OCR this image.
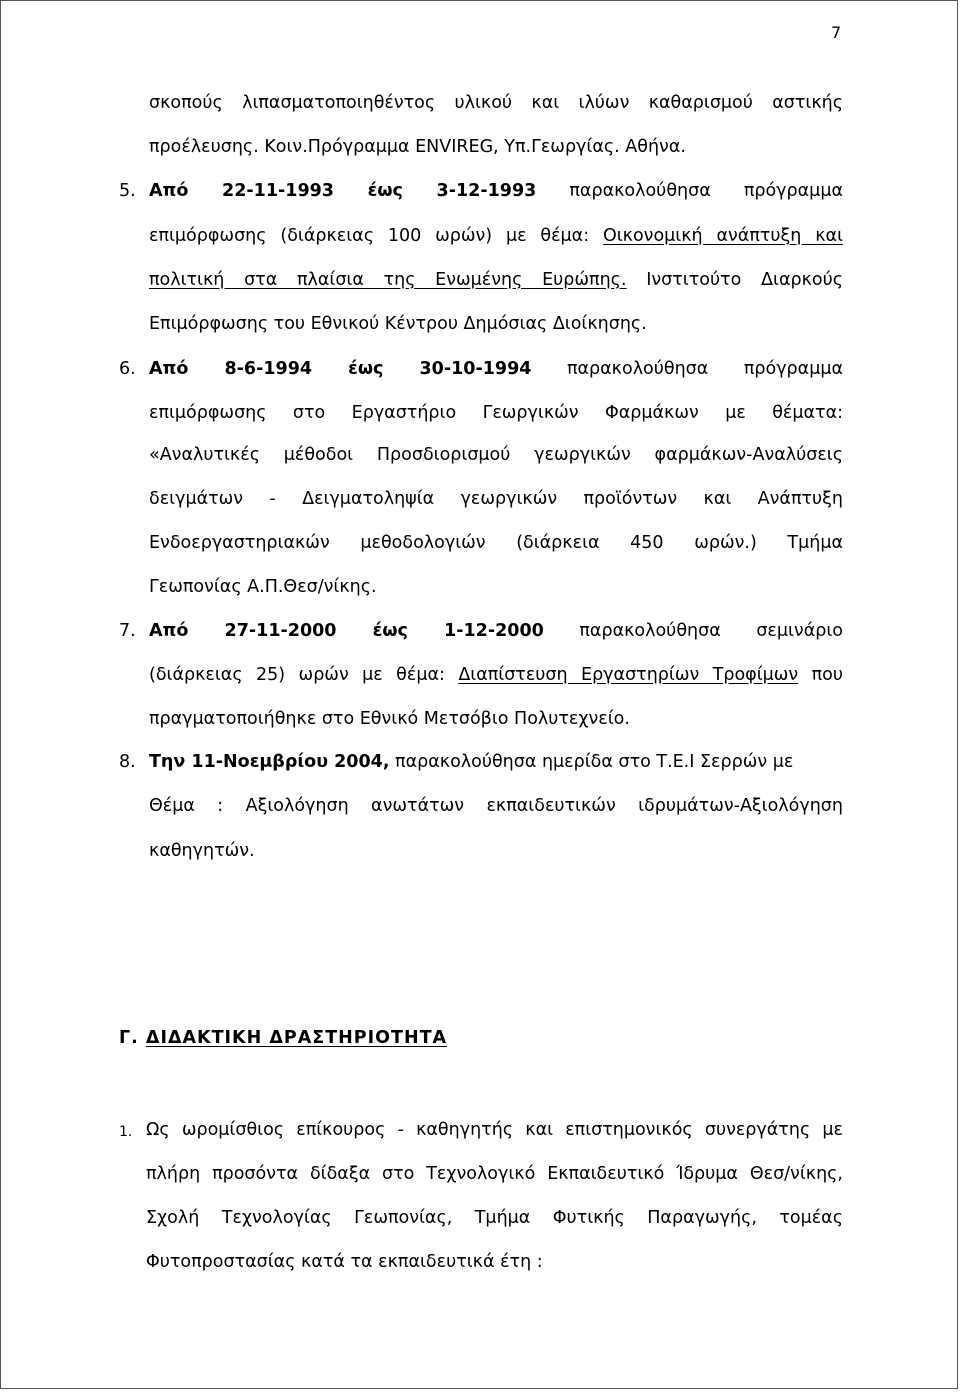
7
σκοπούς λιπασματοποιηθέντος υλικού και ιλύων καθαρισμού αστικής
προέλευσης. Κοιν.Πρόγραμμα ENVIREG, Υπ.Γεωργίας. Αθήνα.
5. Από 22-11-1993 έως 3-12-1993 παρακολούθησα πρόγραμμα
επιμόρφωσης (διάρκειας 100 ωρών) με θέμα: Οικονομική ανάπτυξη και
πολιτική στα πλαίσια της Ενωμένης Ευρώπης. Ινστιτούτο Διαρκούς
Επιμόρφωσης του Εθνικού Κέντρου Δημόσιας Διοίκησης.
6. Από 8-6-1994 έως 30-10-1994 παρακολούθησα πρόγραμμα
επιμόρφωσης στο Εργαστήριο Γεωργικών Φαρμάκων με θέματα:
«Αναλυτικές μέθοδοι Προσδιορισμού γεωργικών φαρμάκων-Αναλύσεις
δειγμάτων - Δειγματοληψία γεωργικών προϊόντων και Ανάπτυξη
Ενδοεργαστηριακών μεθοδολογιών (διάρκεια 450 ωρών.) Τμήμα
Γεωπονίας Α.Π.Θεσ/νίκης.
7. Από 27-11-2000 έως 1-12-2000 παρακολούθησα σεμινάριο
(διάρκειας 25) ωρών με θέμα: Διαπίστευση Εργαστηρίων Τροφίμων που
πραγματοποιήθηκε στο Εθνικό Μετσόβιο Πολυτεχνείο.
8. Την 11-Νοεμβρίου 2004, παρακολούθησα ημερίδα στο Τ.Ε.Ι Σερρών με
Θέμα : Αξιολόγηση ανωτάτων εκπαιδευτικών ιδρυμάτων-Αξιολόγηση
καθηγητών.
Γ. ΔΙΔΑΚΤΙΚΗ ΔΡΑΣΤΗΡΙΟΤΗΤΑ
1. Ως ωρομίσθιος επίκουρος - καθηγητής και επιστημονικός συνεργάτης με
πλήρη προσόντα δίδαξα στο Τεχνολογικό Εκπαιδευτικό Ίδρυμα Θεσ/νίκης,
Σχολή Τεχνολογίας Γεωπονίας, Τμήμα Φυτικής Παραγωγής, τομέας
Φυτοπροστασίας κατά τα εκπαιδευτικά έτη :
